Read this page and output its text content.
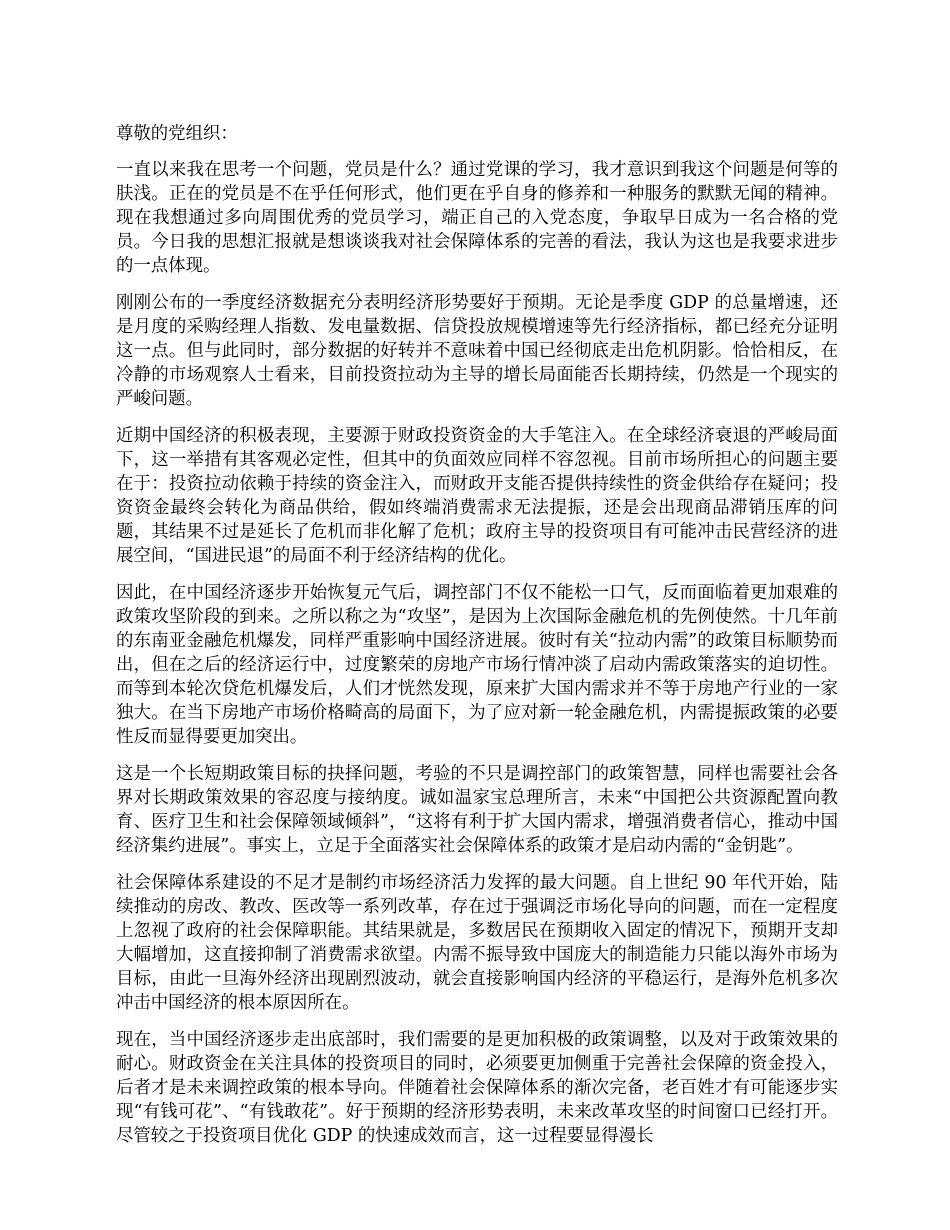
尊敬的党组织：

一直以来我在思考一个问题，党员是什么？通过党课的学习，我才意识到我这个问题是何等的肤浅。正在的党员是不在乎任何形式，他们更在乎自身的修养和一种服务的默默无闻的精神。现在我想通过多向周围优秀的党员学习，端正自己的入党态度，争取早日成为一名合格的党员。今日我的思想汇报就是想谈谈我对社会保障体系的完善的看法，我认为这也是我要求进步的一点体现。

刚刚公布的一季度经济数据充分表明经济形势要好于预期。无论是季度 GDP 的总量增速，还是月度的采购经理人指数、发电量数据、信贷投放规模增速等先行经济指标，都已经充分证明这一点。但与此同时，部分数据的好转并不意味着中国已经彻底走出危机阴影。恰恰相反，在冷静的市场观察人士看来，目前投资拉动为主导的增长局面能否长期持续，仍然是一个现实的严峻问题。

近期中国经济的积极表现，主要源于财政投资资金的大手笔注入。在全球经济衰退的严峻局面下，这一举措有其客观必定性，但其中的负面效应同样不容忽视。目前市场所担心的问题主要在于：投资拉动依赖于持续的资金注入，而财政开支能否提供持续性的资金供给存在疑问；投资资金最终会转化为商品供给，假如终端消费需求无法提振，还是会出现商品滞销压库的问题，其结果不过是延长了危机而非化解了危机；政府主导的投资项目有可能冲击民营经济的进展空间，“国进民退”的局面不利于经济结构的优化。

因此，在中国经济逐步开始恢复元气后，调控部门不仅不能松一口气，反而面临着更加艰难的政策攻坚阶段的到来。之所以称之为“攻坚”，是因为上次国际金融危机的先例使然。十几年前的东南亚金融危机爆发，同样严重影响中国经济进展。彼时有关“拉动内需”的政策目标顺势而出，但在之后的经济运行中，过度繁荣的房地产市场行情冲淡了启动内需政策落实的迫切性。而等到本轮次贷危机爆发后，人们才恍然发现，原来扩大国内需求并不等于房地产行业的一家独大。在当下房地产市场价格畸高的局面下，为了应对新一轮金融危机，内需提振政策的必要性反而显得要更加突出。

这是一个长短期政策目标的抉择问题，考验的不只是调控部门的政策智慧，同样也需要社会各界对长期政策效果的容忍度与接纳度。诚如温家宝总理所言，未来“中国把公共资源配置向教育、医疗卫生和社会保障领域倾斜”，“这将有利于扩大国内需求，增强消费者信心，推动中国经济集约进展”。事实上，立足于全面落实社会保障体系的政策才是启动内需的“金钥匙”。

社会保障体系建设的不足才是制约市场经济活力发挥的最大问题。自上世纪 90 年代开始，陆续推动的房改、教改、医改等一系列改革，存在过于强调泛市场化导向的问题，而在一定程度上忽视了政府的社会保障职能。其结果就是，多数居民在预期收入固定的情况下，预期开支却大幅增加，这直接抑制了消费需求欲望。内需不振导致中国庞大的制造能力只能以海外市场为目标，由此一旦海外经济出现剧烈波动，就会直接影响国内经济的平稳运行，是海外危机多次冲击中国经济的根本原因所在。

现在，当中国经济逐步走出底部时，我们需要的是更加积极的政策调整，以及对于政策效果的耐心。财政资金在关注具体的投资项目的同时，必须要更加侧重于完善社会保障的资金投入，后者才是未来调控政策的根本导向。伴随着社会保障体系的渐次完备，老百姓才有可能逐步实现“有钱可花”、“有钱敢花”。好于预期的经济形势表明，未来改革攻坚的时间窗口已经打开。尽管较之于投资项目优化 GDP 的快速成效而言，这一过程要显得漫长
